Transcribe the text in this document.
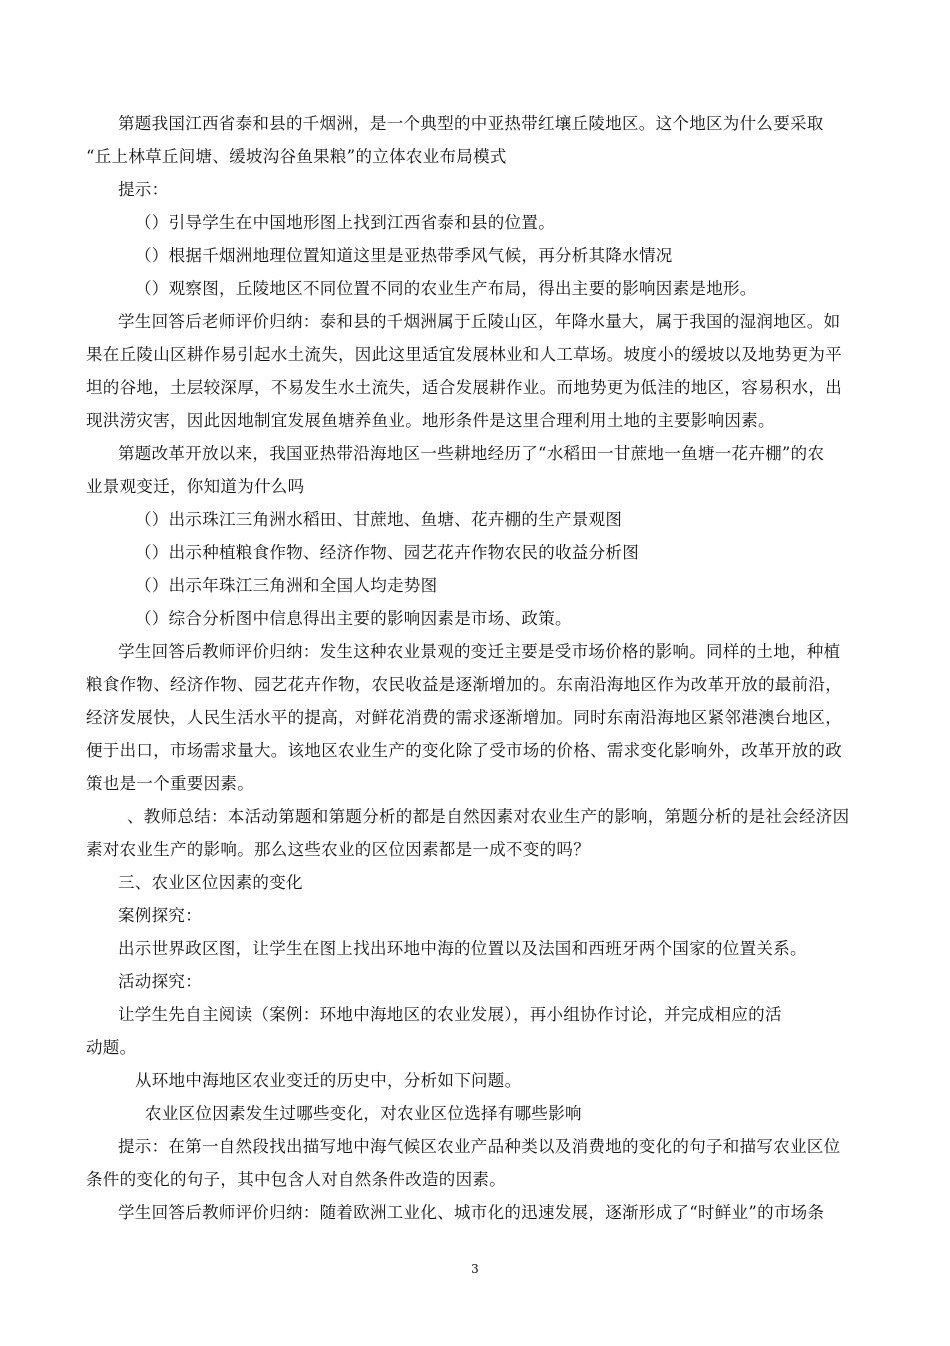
第题我国江西省泰和县的千烟洲，是一个典型的中亚热带红壤丘陵地区。这个地区为什么要采取
“丘上林草丘间塘、缓坡沟谷鱼果粮”的立体农业布局模式
提示：
（）引导学生在中国地形图上找到江西省泰和县的位置。
（）根据千烟洲地理位置知道这里是亚热带季风气候，再分析其降水情况
（）观察图，丘陵地区不同位置不同的农业生产布局，得出主要的影响因素是地形。
学生回答后老师评价归纳：泰和县的千烟洲属于丘陵山区，年降水量大，属于我国的湿润地区。如
果在丘陵山区耕作易引起水土流失，因此这里适宜发展林业和人工草场。坡度小的缓坡以及地势更为平
坦的谷地，土层较深厚，不易发生水土流失，适合发展耕作业。而地势更为低洼的地区，容易积水，出
现洪涝灾害，因此因地制宜发展鱼塘养鱼业。地形条件是这里合理利用土地的主要影响因素。
第题改革开放以来，我国亚热带沿海地区一些耕地经历了“水稻田一甘蔗地一鱼塘一花卉棚”的农
业景观变迁，你知道为什么吗
（）出示珠江三角洲水稻田、甘蔗地、鱼塘、花卉棚的生产景观图
（）出示种植粮食作物、经济作物、园艺花卉作物农民的收益分析图
（）出示年珠江三角洲和全国人均走势图
（）综合分析图中信息得出主要的影响因素是市场、政策。
学生回答后教师评价归纳：发生这种农业景观的变迁主要是受市场价格的影响。同样的土地，种植
粮食作物、经济作物、园艺花卉作物，农民收益是逐渐增加的。东南沿海地区作为改革开放的最前沿，
经济发展快，人民生活水平的提高，对鲜花消费的需求逐渐增加。同时东南沿海地区紧邻港澳台地区，
便于出口，市场需求量大。该地区农业生产的变化除了受市场的价格、需求变化影响外，改革开放的政
策也是一个重要因素。
、教师总结：本活动第题和第题分析的都是自然因素对农业生产的影响，第题分析的是社会经济因
素对农业生产的影响。那么这些农业的区位因素都是一成不变的吗？
三、农业区位因素的变化
案例探究：
出示世界政区图，让学生在图上找出环地中海的位置以及法国和西班牙两个国家的位置关系。
活动探究：
让学生先自主阅读（案例：环地中海地区的农业发展），再小组协作讨论，并完成相应的活
动题。
从环地中海地区农业变迁的历史中，分析如下问题。
农业区位因素发生过哪些变化，对农业区位选择有哪些影响
提示：在第一自然段找出描写地中海气候区农业产品种类以及消费地的变化的句子和描写农业区位
条件的变化的句子，其中包含人对自然条件改造的因素。
学生回答后教师评价归纳：随着欧洲工业化、城市化的迅速发展，逐渐形成了“时鲜业”的市场条
3
